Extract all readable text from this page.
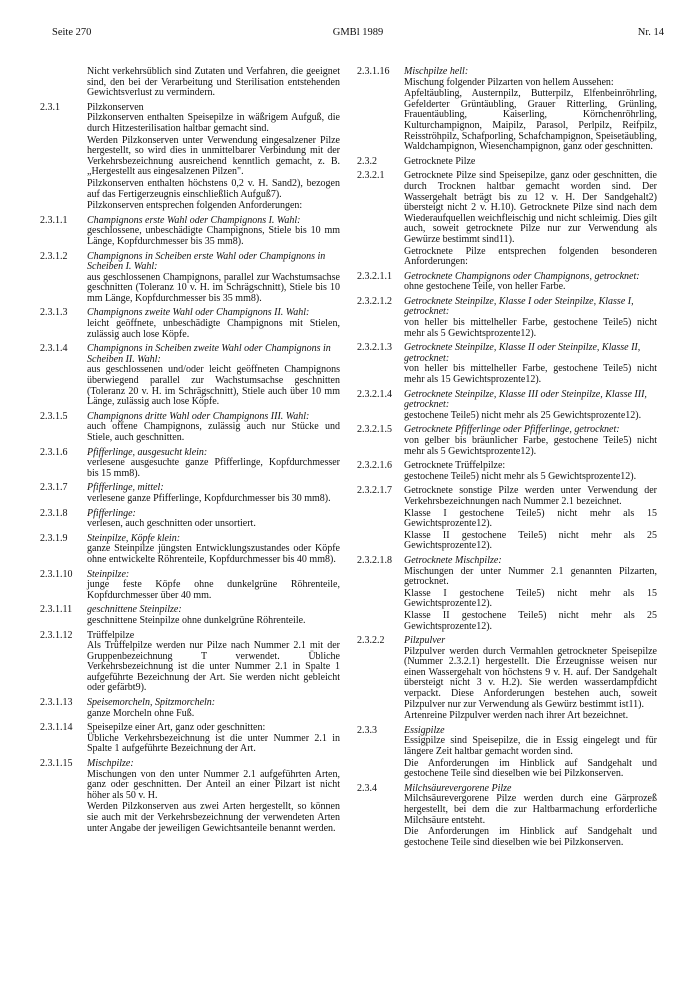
Seite 270	GMBl 1989	Nr. 14

Nicht verkehrsüblich sind Zutaten und Verfahren, die geeignet sind, den bei der Verarbeitung und Sterilisation entstehenden Gewichtsverlust zu vermindern.

2.3.1	Pilzkonserven

Pilzkonserven enthalten Speisepilze in wäßrigem Aufguß, die durch Hitzesterilisation haltbar gemacht sind.

Werden Pilzkonserven unter Verwendung eingesalzener Pilze hergestellt, so wird dies in unmittelbarer Verbindung mit der Verkehrsbezeichnung ausreichend kenntlich gemacht, z. B. „Hergestellt aus eingesalzenen Pilzen".

Pilzkonserven enthalten höchstens 0,2 v. H. Sand2), bezogen auf das Fertigerzeugnis einschließlich Aufguß7).

Pilzkonserven entsprechen folgenden Anforderungen:

2.3.1.1 Champignons erste Wahl oder Champignons I. Wahl:

geschlossene, unbeschädigte Champignons, Stiele bis 10 mm Länge, Kopfdurchmesser bis 35 mm8).

2.3.1.2 Champignons in Scheiben erste Wahl oder Champignons in Scheiben I. Wahl:

aus geschlossenen Champignons, parallel zur Wachstumsachse geschnitten (Toleranz 10 v. H. im Schrägschnitt), Stiele bis 10 mm Länge, Kopfdurchmesser bis 35 mm8).

2.3.1.3 Champignons zweite Wahl oder Champignons II. Wahl:

leicht geöffnete, unbeschädigte Champignons mit Stielen, zulässig auch lose Köpfe.

2.3.1.4 Champignons in Scheiben zweite Wahl oder Champignons in Scheiben II. Wahl:

aus geschlossenen und/oder leicht geöffneten Champignons überwiegend parallel zur Wachstumsachse geschnitten (Toleranz 20 v. H. im Schrägschnitt), Stiele auch über 10 mm Länge, zulässig auch lose Köpfe.

2.3.1.5 Champignons dritte Wahl oder Champignons III. Wahl:

auch offene Champignons, zulässig auch nur Stücke und Stiele, auch geschnitten.

2.3.1.6 Pfifferlinge, ausgesucht klein:

verlesene ausgesuchte ganze Pfifferlinge, Kopfdurchmesser bis 15 mm8).

2.3.1.7 Pfifferlinge, mittel:

verlesene ganze Pfifferlinge, Kopfdurchmesser bis 30 mm8).

2.3.1.8 Pfifferlinge:

verlesen, auch geschnitten oder unsortiert.

2.3.1.9 Steinpilze, Köpfe klein:

ganze Steinpilze jüngsten Entwicklungszustandes oder Köpfe ohne entwickelte Röhrenteile, Kopfdurchmesser bis 40 mm8).

2.3.1.10 Steinpilze:

junge feste Köpfe ohne dunkelgrüne Röhrenteile, Kopfdurchmesser über 40 mm.

2.3.1.11 geschnittene Steinpilze:

geschnittene Steinpilze ohne dunkelgrüne Röhrenteile.

2.3.1.12 Trüffelpilze

Als Trüffelpilze werden nur Pilze nach Nummer 2.1 mit der Gruppenbezeichnung T verwendet. Übliche Verkehrsbezeichnung ist die unter Nummer 2.1 in Spalte 1 aufgeführte Bezeichnung der Art. Sie werden nicht gebleicht oder gefärbt9).

2.3.1.13 Speisemorcheln, Spitzmorcheln:

ganze Morcheln ohne Fuß.

2.3.1.14 Speisepilze einer Art, ganz oder geschnitten:

Übliche Verkehrsbezeichnung ist die unter Nummer 2.1 in Spalte 1 aufgeführte Bezeichnung der Art.

2.3.1.15 Mischpilze:

Mischungen von den unter Nummer 2.1 aufgeführten Arten, ganz oder geschnitten. Der Anteil an einer Pilzart ist nicht höher als 50 v. H.

Werden Pilzkonserven aus zwei Arten hergestellt, so können sie auch mit der Verkehrsbezeichnung der verwendeten Arten unter Angabe der jeweiligen Gewichtsanteile benannt werden.

2.3.1.16 Mischpilze hell:

Mischung folgender Pilzarten von hellem Aussehen:

Apfeltäubling, Austernpilz, Butterpilz, Elfenbeinröhrling, Gefelderter Grüntäubling, Grauer Ritterling, Grünling, Frauentäubling, Kaiserling, Körnchenröhrling, Kulturchampignon, Maipilz, Parasol, Perlpilz, Reifpilz, Reisströhpilz, Schafporling, Schafchampignon, Speisetäubling, Waldchampignon, Wiesenchampignon, ganz oder geschnitten.

2.3.2	Getrocknete Pilze

2.3.2.1 Getrocknete Pilze sind Speisepilze, ganz oder geschnitten, die durch Trocknen haltbar gemacht worden sind. Der Wassergehalt beträgt bis zu 12 v. H. Der Sandgehalt2) übersteigt nicht 2 v. H.10). Getrocknete Pilze sind nach dem Wiederaufquellen weichfleischig und nicht schleimig. Dies gilt auch, soweit getrocknete Pilze nur zur Verwendung als Gewürze bestimmt sind11).

Getrocknete Pilze entsprechen folgenden besonderen Anforderungen:

2.3.2.1.1 Getrocknete Champignons oder Champignons, getrocknet:

ohne gestochene Teile, von heller Farbe.

2.3.2.1.2 Getrocknete Steinpilze, Klasse I oder Steinpilze, Klasse I, getrocknet:

von heller bis mittelheller Farbe, gestochene Teile5) nicht mehr als 5 Gewichtsprozente12).

2.3.2.1.3 Getrocknete Steinpilze, Klasse II oder Steinpilze, Klasse II, getrocknet:

von heller bis mittelheller Farbe, gestochene Teile5) nicht mehr als 15 Gewichtsprozente12).

2.3.2.1.4 Getrocknete Steinpilze, Klasse III oder Steinpilze, Klasse III, getrocknet:

gestochene Teile5) nicht mehr als 25 Gewichtsprozente12).

2.3.2.1.5 Getrocknete Pfifferlinge oder Pfifferlinge, getrocknet:

von gelber bis bräunlicher Farbe, gestochene Teile5) nicht mehr als 5 Gewichtsprozente12).

2.3.2.1.6 Getrocknete Trüffelpilze:

gestochene Teile5) nicht mehr als 5 Gewichtsprozente12).

2.3.2.1.7 Getrocknete sonstige Pilze werden unter Verwendung der Verkehrsbezeichnungen nach Nummer 2.1 bezeichnet.

Klasse I gestochene Teile5) nicht mehr als 15 Gewichtsprozente12).

Klasse II gestochene Teile5) nicht mehr als 25 Gewichtsprozente12).

2.3.2.1.8 Getrocknete Mischpilze:

Mischungen der unter Nummer 2.1 genannten Pilzarten, getrocknet.

Klasse I gestochene Teile5) nicht mehr als 15 Gewichtsprozente12).

Klasse II gestochene Teile5) nicht mehr als 25 Gewichtsprozente12).

2.3.2.2 Pilzpulver

Pilzpulver werden durch Vermahlen getrockneter Speisepilze (Nummer 2.3.2.1) hergestellt. Die Erzeugnisse weisen nur einen Wassergehalt von höchstens 9 v. H. auf. Der Sandgehalt übersteigt nicht 3 v. H.2). Sie werden wasserdampfdicht verpackt. Diese Anforderungen bestehen auch, soweit Pilzpulver nur zur Verwendung als Gewürz bestimmt ist11).

Artenreine Pilzpulver werden nach ihrer Art bezeichnet.

2.3.3	Essigpilze

Essigpilze sind Speisepilze, die in Essig eingelegt und für längere Zeit haltbar gemacht worden sind.

Die Anforderungen im Hinblick auf Sandgehalt und gestochene Teile sind dieselben wie bei Pilzkonserven.

2.3.4	Milchsäurevergorene Pilze

Milchsäurevergorene Pilze werden durch eine Gärprozeß hergestellt, bei dem die zur Haltbarmachung erforderliche Milchsäure entsteht.

Die Anforderungen im Hinblick auf Sandgehalt und gestochene Teile sind dieselben wie bei Pilzkonserven.
